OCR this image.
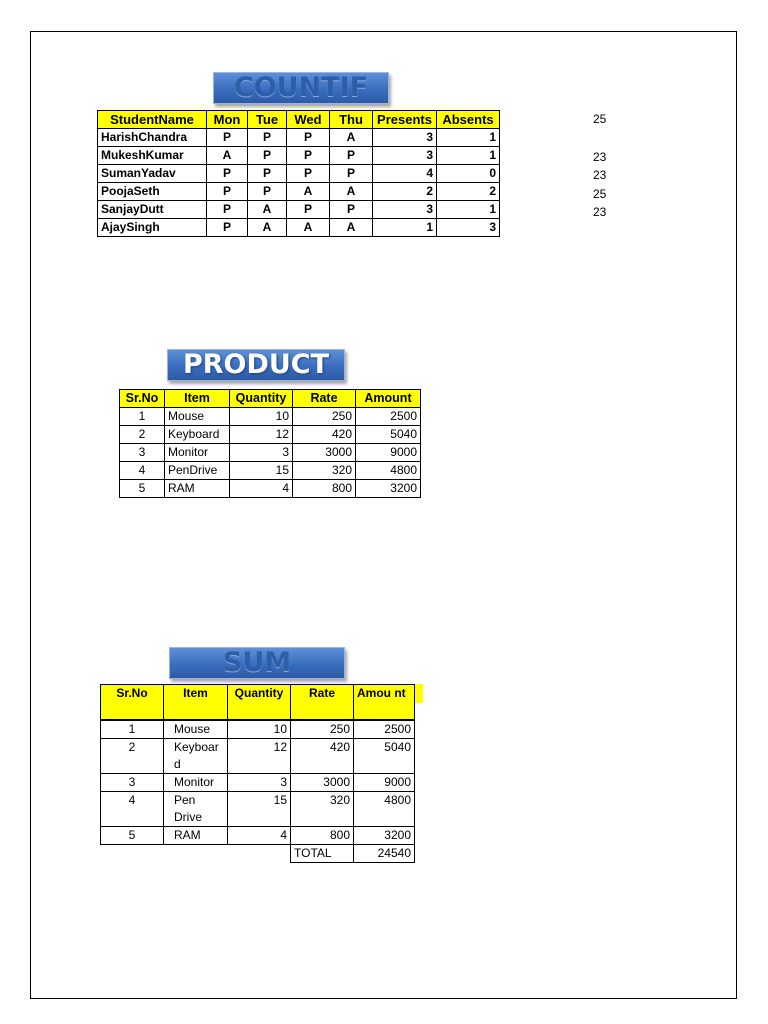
COUNTIF
StudentName	Mon	Tue	Wed	Thu	Presents	Absents
HarishChandra	P	P	P	A	3	1
MukeshKumar	A	P	P	P	3	1
SumanYadav	P	P	P	P	4	0
PoojaSeth	P	P	A	A	2	2
SanjayDutt	P	A	P	P	3	1
AjaySingh	P	A	A	A	1	3
25
23
23
25
23
PRODUCT
Sr.No	Item	Quantity	Rate	Amount
1	Mouse	10	250	2500
2	Keyboard	12	420	5040
3	Monitor	3	3000	9000
4	PenDrive	15	320	4800
5	RAM	4	800	3200
SUM
Sr.No	Item	Quantity	Rate	Amou nt
1	Mouse	10	250	2500
2	Keyboar d	12	420	5040
3	Monitor	3	3000	9000
4	Pen Drive	15	320	4800
5	RAM	4	800	3200
			TOTAL	24540
